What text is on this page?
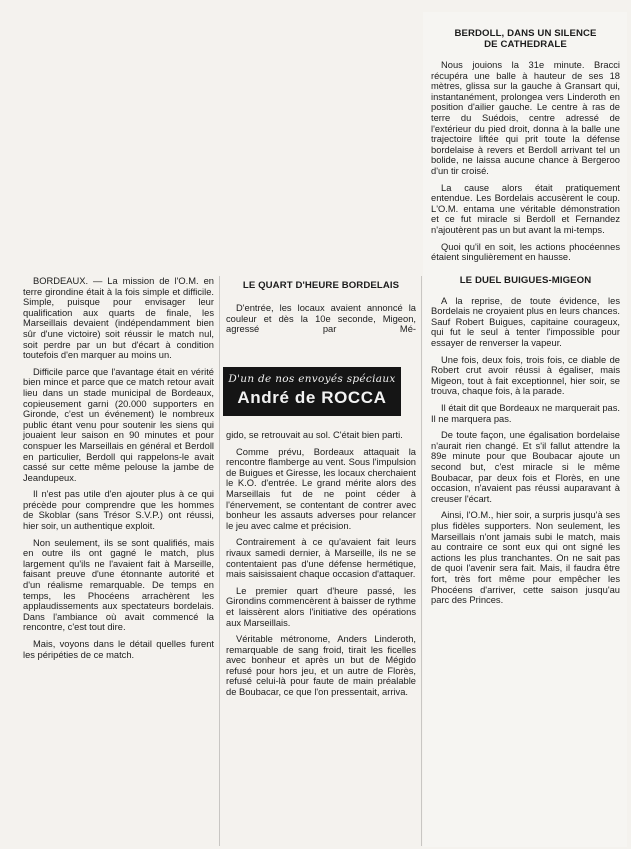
BERDOLL, DANS UN SILENCE
DE CATHEDRALE

Nous jouions la 31e minute. Bracci récupéra une balle à hauteur de ses 18 mètres, glissa sur la gauche à Gransart qui, instantanément, prolongea vers Linderoth en position d'ailier gauche. Le centre à ras de terre du Suédois, centre adressé de l'extérieur du pied droit, donna à la balle une trajectoire liftée qui prit toute la défense bordelaise à revers et Berdoll arrivant tel un bolide, ne laissa aucune chance à Bergeroo d'un tir croisé.

La cause alors était pratiquement entendue. Les Bordelais accusèrent le coup. L'O.M. entama une véritable démonstration et ce fut miracle si Berdoll et Fernandez n'ajoutèrent pas un but avant la mi-temps.

Quoi qu'il en soit, les actions phocéennes étaient singulièrement en hausse.

LE DUEL BUIGUES-MIGEON

A la reprise, de toute évidence, les Bordelais ne croyaient plus en leurs chances. Sauf Robert Buigues, capitaine courageux, qui fut le seul à tenter l'impossible pour essayer de renverser la vapeur.

Une fois, deux fois, trois fois, ce diable de Robert crut avoir réussi à égaliser, mais Migeon, tout à fait exceptionnel, hier soir, se trouva, chaque fois, à la parade.

Il était dit que Bordeaux ne marquerait pas. Il ne marquera pas.

De toute façon, une égalisation bordelaise n'aurait rien changé. Et s'il fallut attendre la 89e minute pour que Boubacar ajoute un second but, c'est miracle si le même Boubacar, par deux fois et Florès, en une occasion, n'avaient pas réussi auparavant à creuser l'écart.

Ainsi, l'O.M., hier soir, a surpris jusqu'à ses plus fidèles supporters. Non seulement, les Marseillais n'ont jamais subi le match, mais au contraire ce sont eux qui ont signé les actions les plus tranchantes. On ne sait pas de quoi l'avenir sera fait. Mais, il faudra être fort, très fort même pour empêcher les Phocéens d'arriver, cette saison jusqu'au parc des Princes.

BORDEAUX. — La mission de l'O.M. en terre girondine était à la fois simple et difficile. Simple, puisque pour envisager leur qualification aux quarts de finale, les Marseillais devaient (indépendamment bien sûr d'une victoire) soit réussir le match nul, soit perdre par un but d'écart à condition toutefois d'en marquer au moins un.

Difficile parce que l'avantage était en vérité bien mince et parce que ce match retour avait lieu dans un stade municipal de Bordeaux, copieusement garni (20.000 supporters en Gironde, c'est un événement) le nombreux public étant venu pour soutenir les siens qui jouaient leur saison en 90 minutes et pour conspuer les Marseillais en général et Berdoll en particulier, Berdoll qui rappelons-le avait cassé sur cette même pelouse la jambe de Jeandupeux.

Il n'est pas utile d'en ajouter plus à ce qui précède pour comprendre que les hommes de Skoblar (sans Trésor S.V.P.) ont réussi, hier soir, un authentique exploit.

Non seulement, ils se sont qualifiés, mais en outre ils ont gagné le match, plus largement qu'ils ne l'avaient fait à Marseille, faisant preuve d'une étonnante autorité et d'un réalisme remarquable. De temps en temps, les Phocéens arrachèrent les applaudissements aux spectateurs bordelais. Dans l'ambiance où avait commencé la rencontre, c'est tout dire.

Mais, voyons dans le détail quelles furent les péripéties de ce match.

LE QUART D'HEURE BORDELAIS

D'entrée, les locaux avaient annoncé la couleur et dès la 10e seconde, Migeon, agressé par Mé-

D'un de nos envoyés spéciaux
André de ROCCA

gido, se retrouvait au sol. C'était bien parti.

Comme prévu, Bordeaux attaquait la rencontre flamberge au vent. Sous l'impulsion de Buigues et Giresse, les locaux cherchaient le K.O. d'entrée. Le grand mérite alors des Marseillais fut de ne point céder à l'énervement, se contentant de contrer avec bonheur les assauts adverses pour relancer le jeu avec calme et précision.

Contrairement à ce qu'avaient fait leurs rivaux samedi dernier, à Marseille, ils ne se contentaient pas d'une défense hermétique, mais saisissaient chaque occasion d'attaquer.

Le premier quart d'heure passé, les Girondins commencèrent à baisser de rythme et laissèrent alors l'initiative des opérations aux Marseillais.

Véritable métronome, Anders Linderoth, remarquable de sang froid, tirait les ficelles avec bonheur et après un but de Mégido refusé pour hors jeu, et un autre de Florès, refusé celui-là pour faute de main préalable de Boubacar, ce que l'on pressentait, arriva.
